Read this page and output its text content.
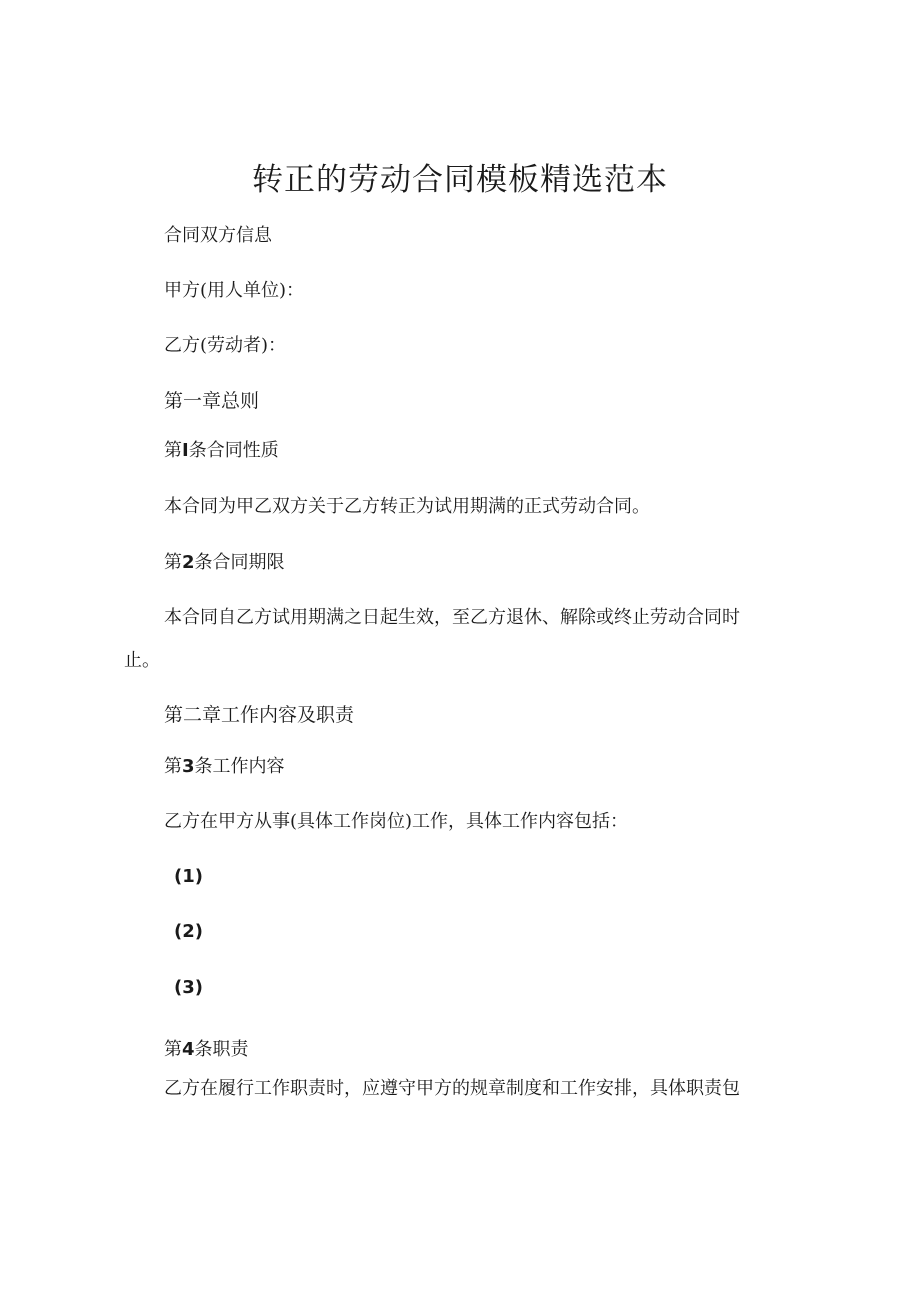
转正的劳动合同模板精选范本
合同双方信息
甲方(用人单位)：
乙方(劳动者)：
第一章总则
第I条合同性质
本合同为甲乙双方关于乙方转正为试用期满的正式劳动合同。
第2条合同期限
本合同自乙方试用期满之日起生效，至乙方退休、解除或终止劳动合同时
止。
第二章工作内容及职责
第3条工作内容
乙方在甲方从事(具体工作岗位)工作，具体工作内容包括：
(1)
(2)
(3)
第4条职责
乙方在履行工作职责时，应遵守甲方的规章制度和工作安排，具体职责包
